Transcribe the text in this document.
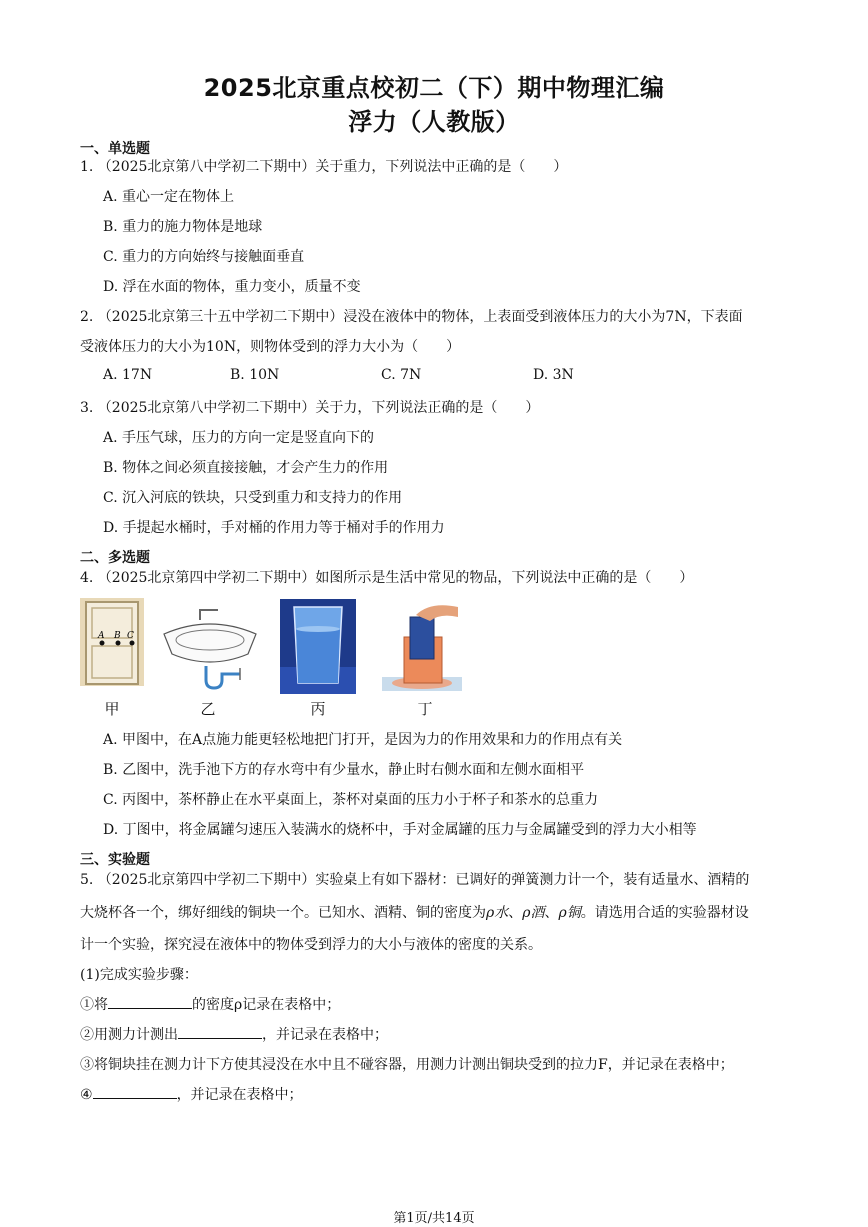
2025北京重点校初二（下）期中物理汇编
浮力（人教版）
一、单选题
1. （2025北京第八中学初二下期中）关于重力，下列说法中正确的是（　　）
A. 重心一定在物体上
B. 重力的施力物体是地球
C. 重力的方向始终与接触面垂直
D. 浮在水面的物体，重力变小，质量不变
2. （2025北京第三十五中学初二下期中）浸没在液体中的物体，上表面受到液体压力的大小为7N，下表面
受液体压力的大小为10N，则物体受到的浮力大小为（　　）
A. 17N	B. 10N	C. 7N	D. 3N
3. （2025北京第八中学初二下期中）关于力，下列说法正确的是（　　）
A. 手压气球，压力的方向一定是竖直向下的
B. 物体之间必须直接接触，才会产生力的作用
C. 沉入河底的铁块，只受到重力和支持力的作用
D. 手提起水桶时，手对桶的作用力等于桶对手的作用力
二、多选题
4. （2025北京第四中学初二下期中）如图所示是生活中常见的物品，下列说法中正确的是（　　）
A B C
甲	乙	丙	丁
A. 甲图中，在A点施力能更轻松地把门打开，是因为力的作用效果和力的作用点有关
B. 乙图中，洗手池下方的存水弯中有少量水，静止时右侧水面和左侧水面相平
C. 丙图中，茶杯静止在水平桌面上，茶杯对桌面的压力小于杯子和茶水的总重力
D. 丁图中，将金属罐匀速压入装满水的烧杯中，手对金属罐的压力与金属罐受到的浮力大小相等
三、实验题
5. （2025北京第四中学初二下期中）实验桌上有如下器材：已调好的弹簧测力计一个，装有适量水、酒精的
大烧杯各一个，绑好细线的铜块一个。已知水、酒精、铜的密度为ρ水、ρ酒、ρ铜。请选用合适的实验器材设
计一个实验，探究浸在液体中的物体受到浮力的大小与液体的密度的关系。
(1)完成实验步骤：
①将	的密度ρ记录在表格中；
②用测力计测出	，并记录在表格中；
③将铜块挂在测力计下方使其浸没在水中且不碰容器，用测力计测出铜块受到的拉力F，并记录在表格中；
④	，并记录在表格中；
第1页/共14页
